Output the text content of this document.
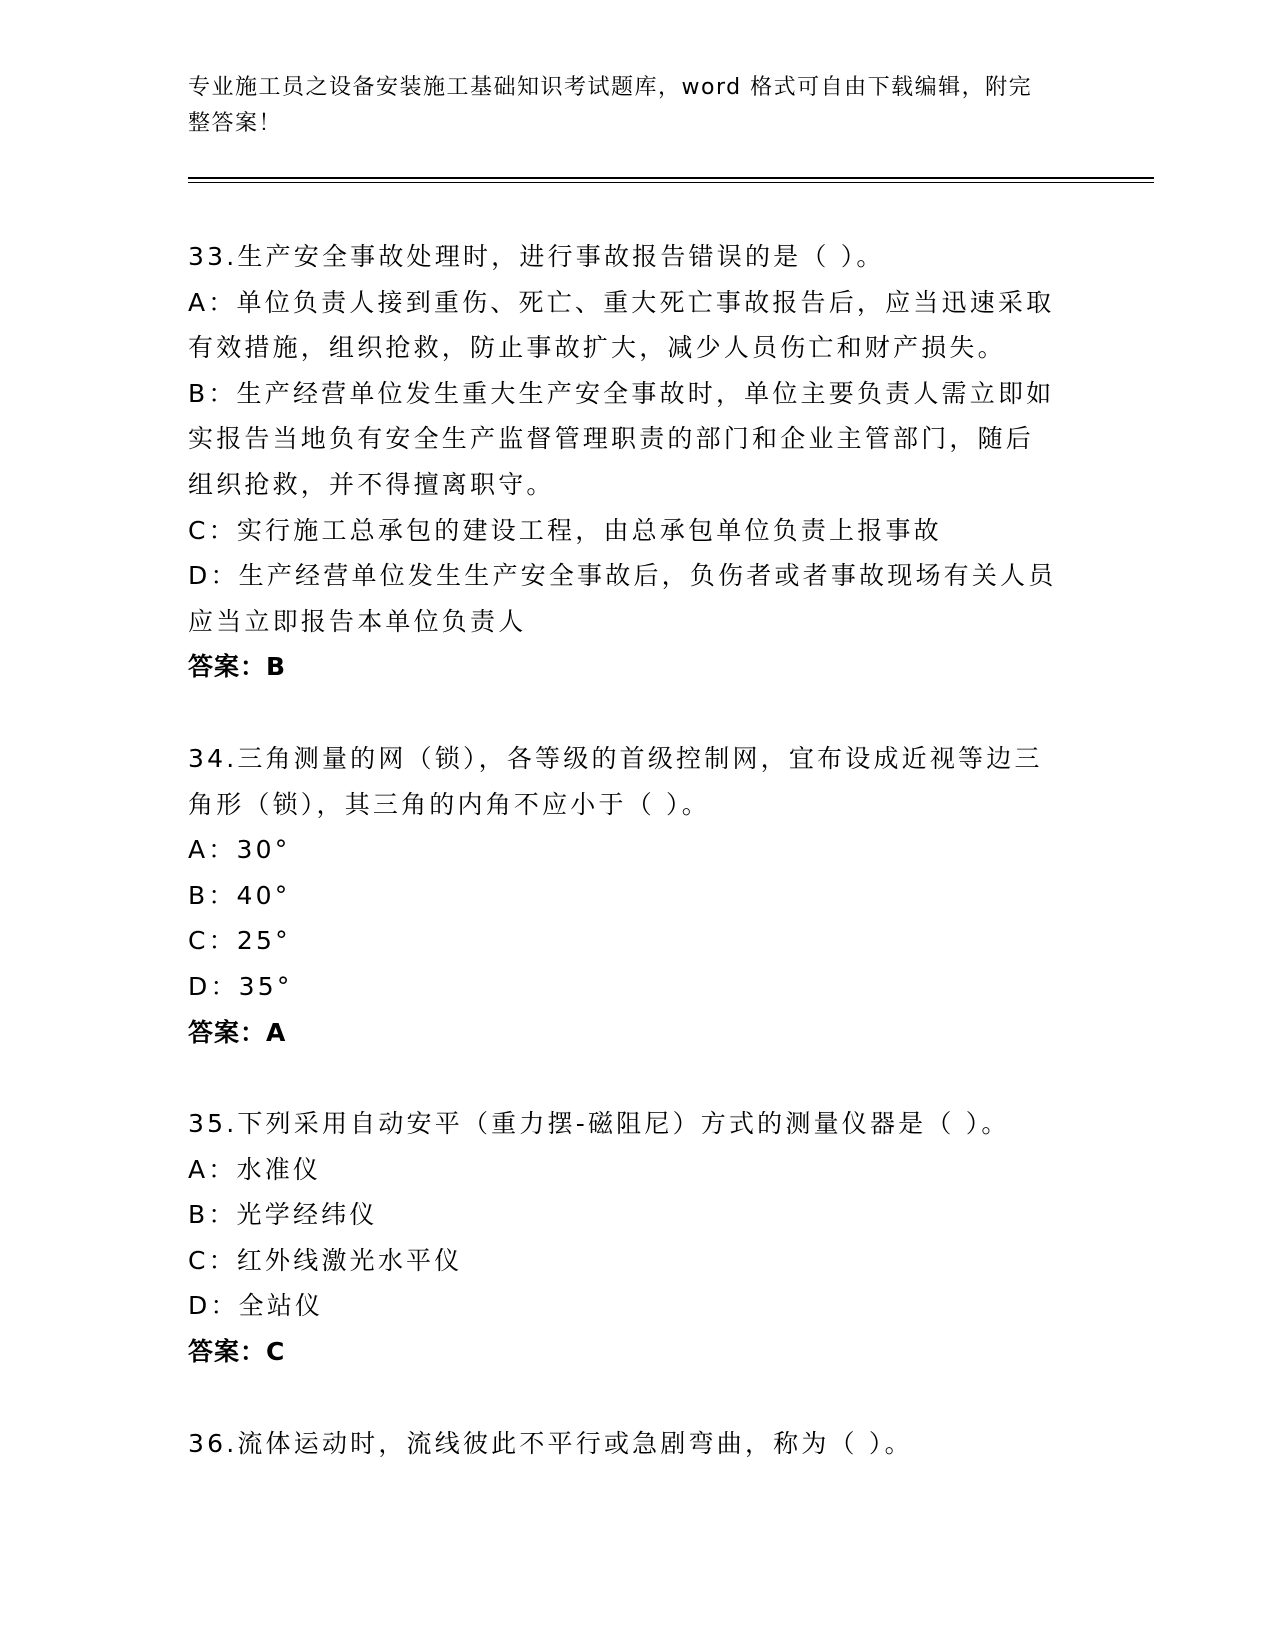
专业施工员之设备安装施工基础知识考试题库，word 格式可自由下载编辑，附完
整答案！
33.生产安全事故处理时，进行事故报告错误的是（ ）。
A：单位负责人接到重伤、死亡、重大死亡事故报告后，应当迅速采取
有效措施，组织抢救，防止事故扩大，减少人员伤亡和财产损失。
B：生产经营单位发生重大生产安全事故时，单位主要负责人需立即如
实报告当地负有安全生产监督管理职责的部门和企业主管部门，随后
组织抢救，并不得擅离职守。
C：实行施工总承包的建设工程，由总承包单位负责上报事故
D：生产经营单位发生生产安全事故后，负伤者或者事故现场有关人员
应当立即报告本单位负责人
答案：B
34.三角测量的网（锁），各等级的首级控制网，宜布设成近视等边三
角形（锁），其三角的内角不应小于（ ）。
A：30°
B：40°
C：25°
D：35°
答案：A
35.下列采用自动安平（重力摆-磁阻尼）方式的测量仪器是（ ）。
A：水准仪
B：光学经纬仪
C：红外线激光水平仪
D：全站仪
答案：C
36.流体运动时，流线彼此不平行或急剧弯曲，称为（ ）。
